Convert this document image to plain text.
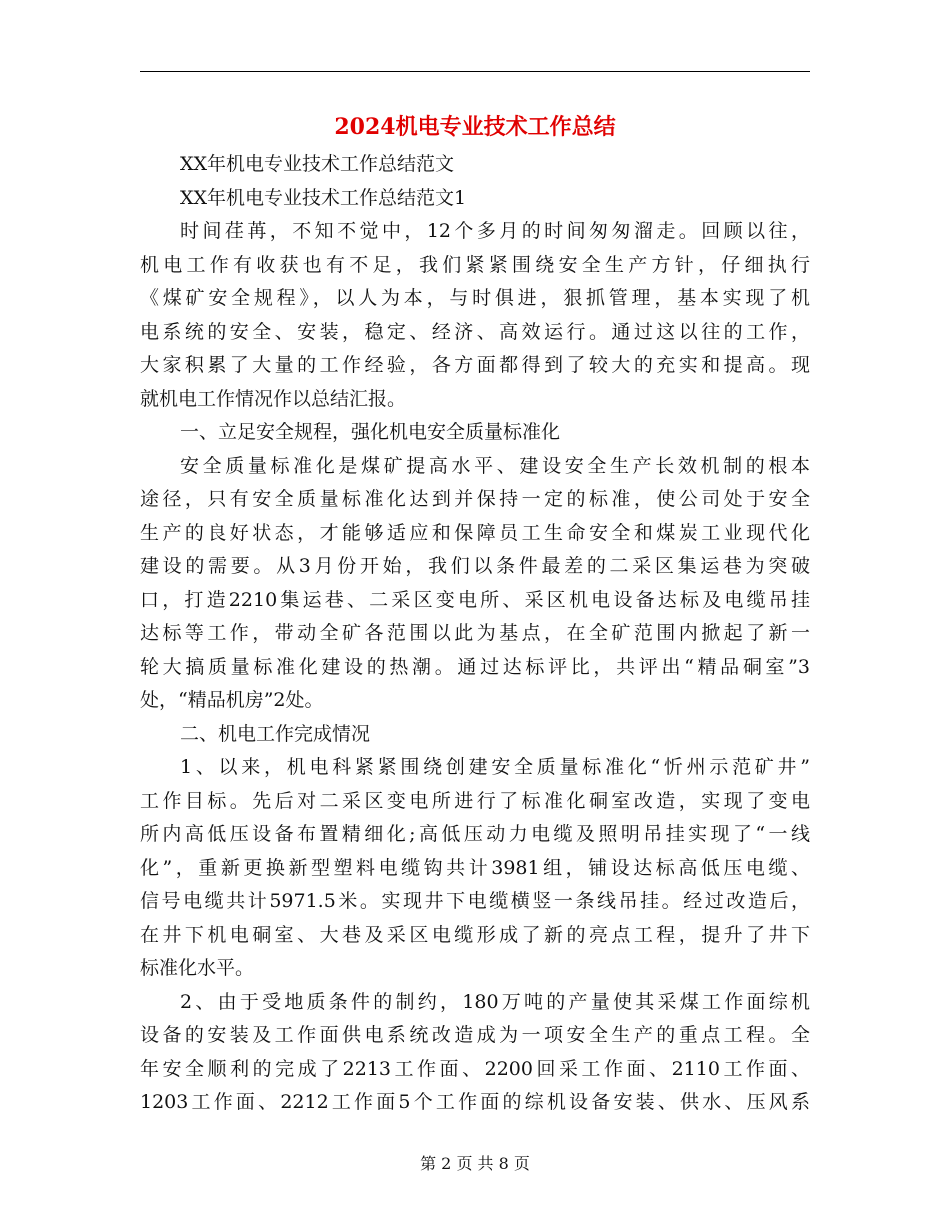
2024机电专业技术工作总结
XX年机电专业技术工作总结范文
XX年机电专业技术工作总结范文1
时间荏苒，不知不觉中，12个多月的时间匆匆溜走。回顾以往，
机电工作有收获也有不足，我们紧紧围绕安全生产方针，仔细执行
《煤矿安全规程》，以人为本，与时俱进，狠抓管理，基本实现了机
电系统的安全、安装，稳定、经济、高效运行。通过这以往的工作，
大家积累了大量的工作经验，各方面都得到了较大的充实和提高。现
就机电工作情况作以总结汇报。
一、立足安全规程，强化机电安全质量标准化
安全质量标准化是煤矿提高水平、建设安全生产长效机制的根本
途径，只有安全质量标准化达到并保持一定的标准，使公司处于安全
生产的良好状态，才能够适应和保障员工生命安全和煤炭工业现代化
建设的需要。从3月份开始，我们以条件最差的二采区集运巷为突破
口，打造2210集运巷、二采区变电所、采区机电设备达标及电缆吊挂
达标等工作，带动全矿各范围以此为基点，在全矿范围内掀起了新一
轮大搞质量标准化建设的热潮。通过达标评比，共评出“精品硐室”3
处，“精品机房”2处。
二、机电工作完成情况
1、以来，机电科紧紧围绕创建安全质量标准化“忻州示范矿井”
工作目标。先后对二采区变电所进行了标准化硐室改造，实现了变电
所内高低压设备布置精细化;高低压动力电缆及照明吊挂实现了“一线
化”，重新更换新型塑料电缆钩共计3981组，铺设达标高低压电缆、
信号电缆共计5971.5米。实现井下电缆横竖一条线吊挂。经过改造后，
在井下机电硐室、大巷及采区电缆形成了新的亮点工程，提升了井下
标准化水平。
2、由于受地质条件的制约，180万吨的产量使其采煤工作面综机
设备的安装及工作面供电系统改造成为一项安全生产的重点工程。全
年安全顺利的完成了2213工作面、2200回采工作面、2110工作面、
1203工作面、2212工作面5个工作面的综机设备安装、供水、压风系
第 2 页 共 8 页
